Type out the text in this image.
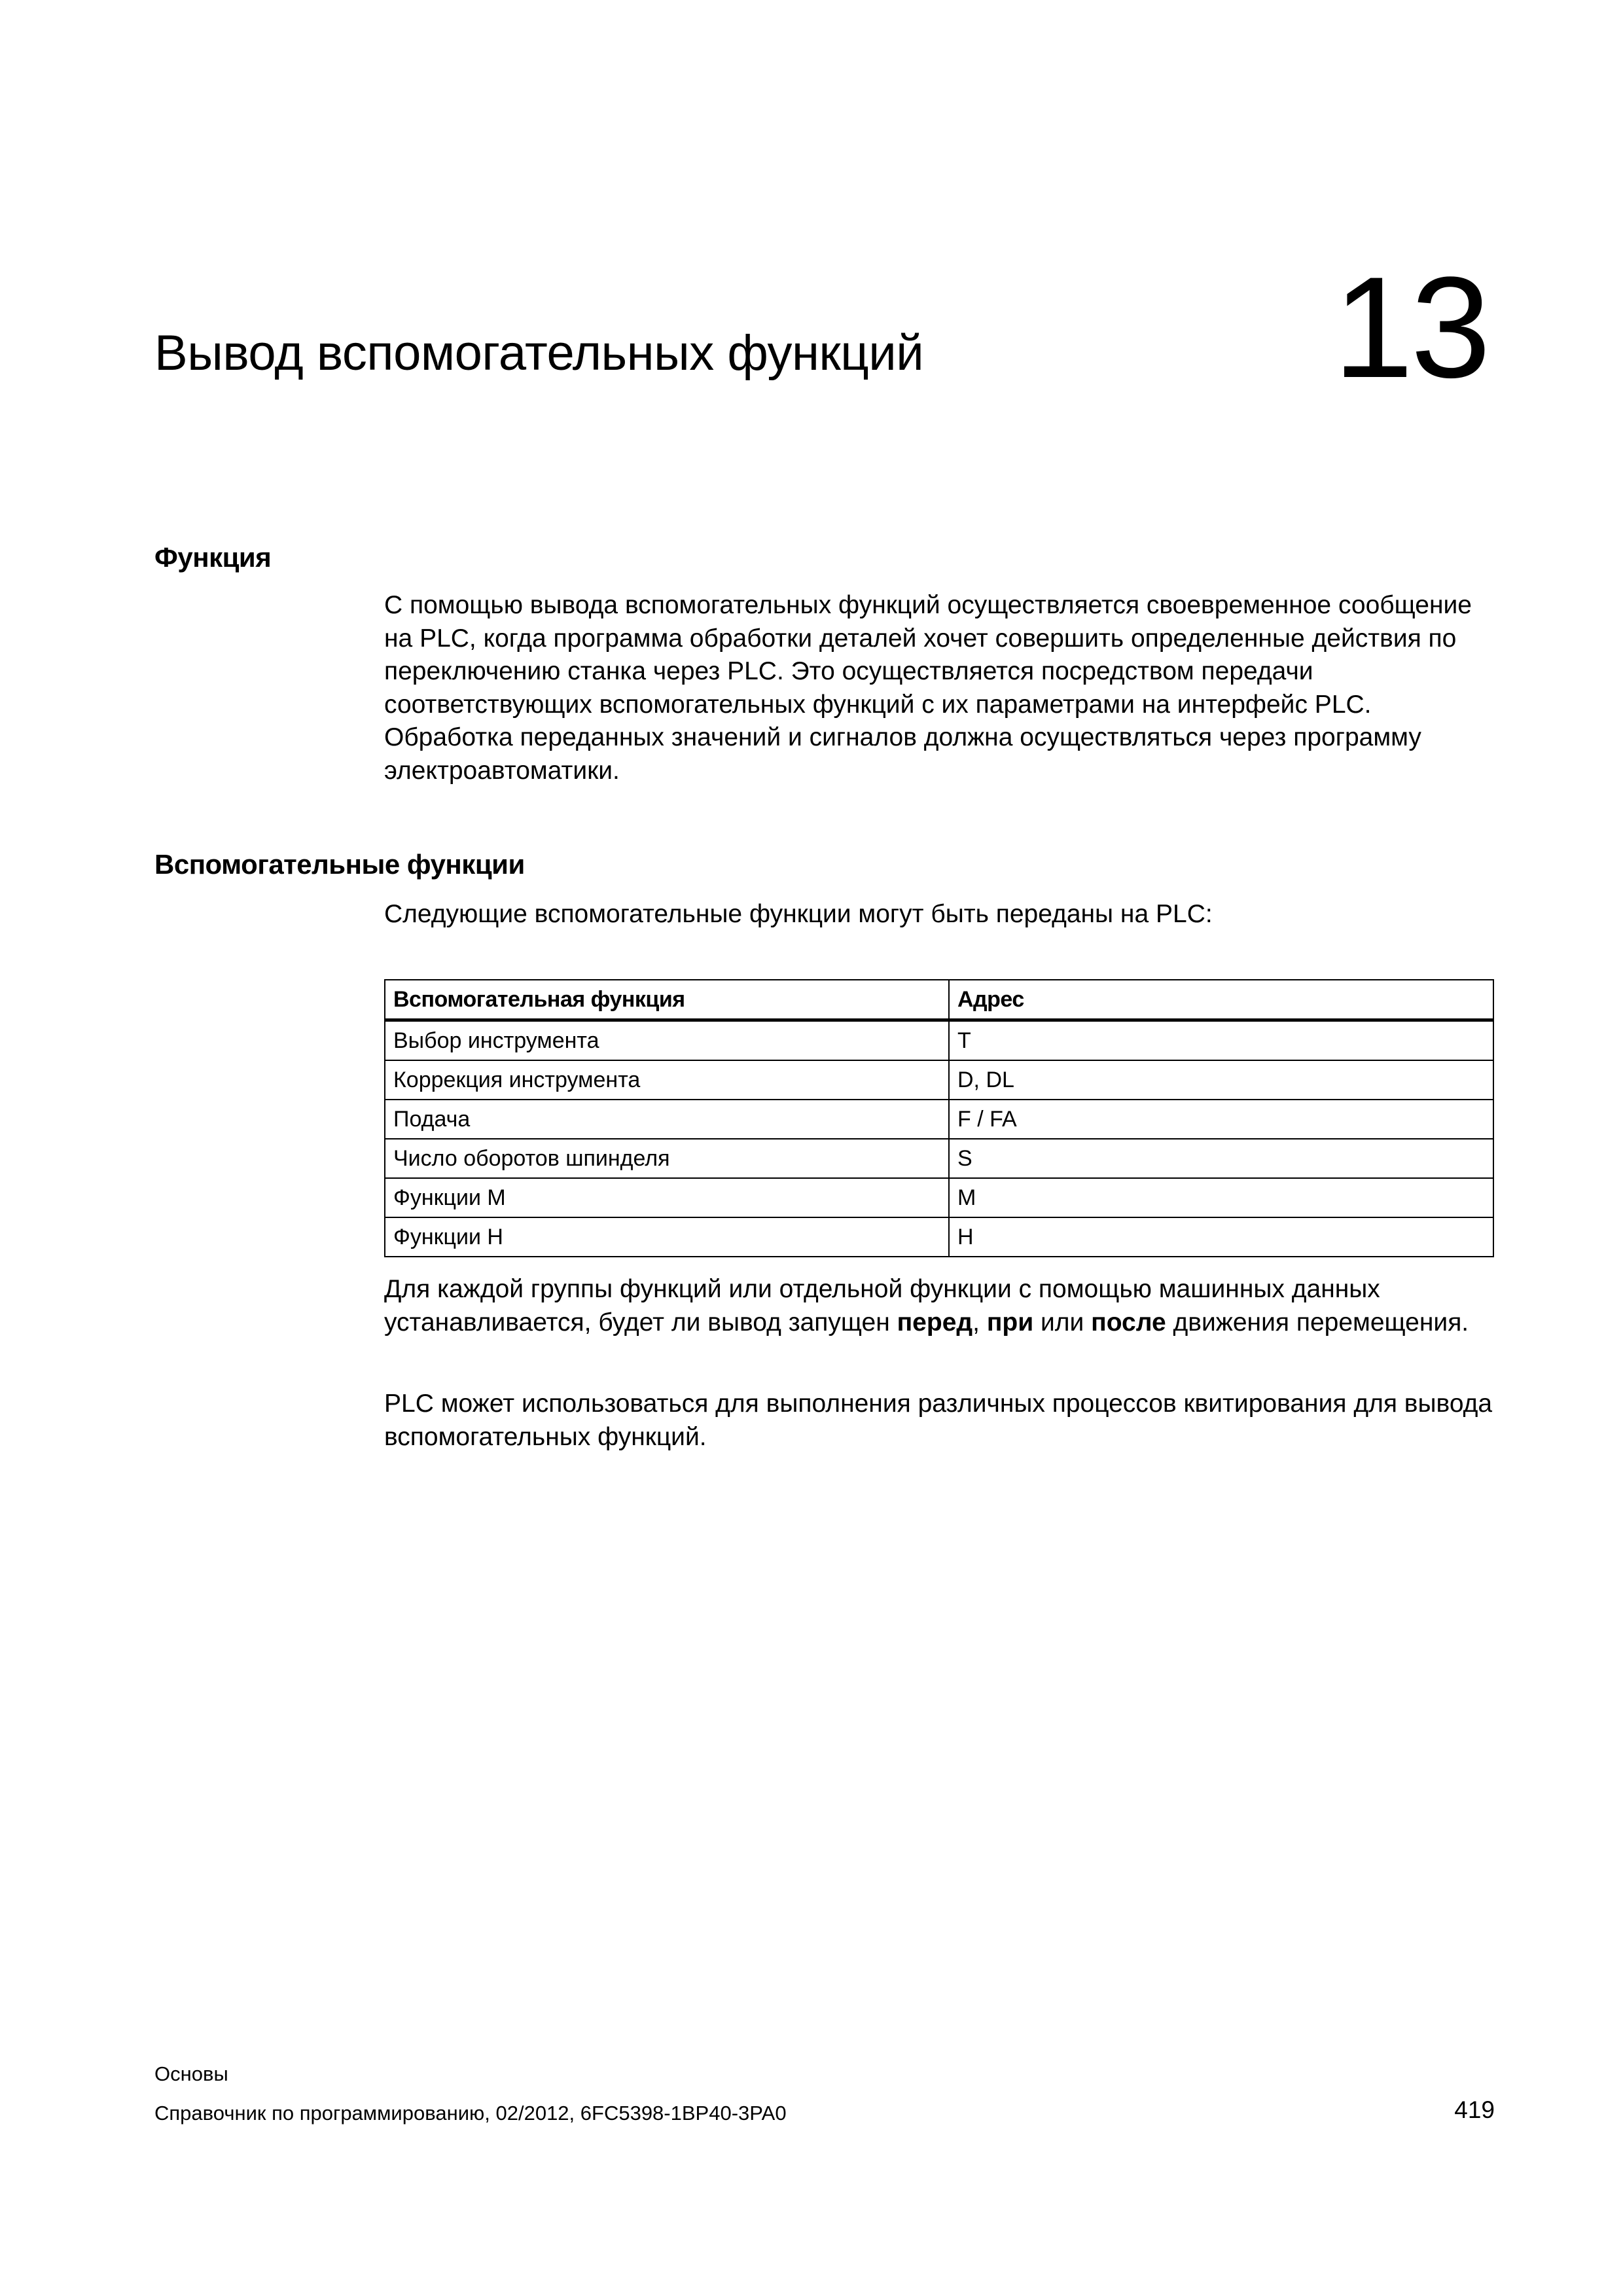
Вывод вспомогательных функций	13
Функция

С помощью вывода вспомогательных функций осуществляется своевременное сообщение на PLC, когда программа обработки деталей хочет совершить определенные действия по переключению станка через PLC. Это осуществляется посредством передачи соответствующих вспомогательных функций с их параметрами на интерфейс PLC. Обработка переданных значений и сигналов должна осуществляться через программу электроавтоматики.

Вспомогательные функции

Следующие вспомогательные функции могут быть переданы на PLC:

Вспомогательная функция	Адрес
Выбор инструмента	T
Коррекция инструмента	D, DL
Подача	F / FA
Число оборотов шпинделя	S
Функции M	M
Функции H	H

Для каждой группы функций или отдельной функции с помощью машинных данных устанавливается, будет ли вывод запущен перед, при или после движения перемещения.

PLC может использоваться для выполнения различных процессов квитирования для вывода вспомогательных функций.

Основы
Справочник по программированию, 02/2012, 6FC5398-1BP40-3PA0	419
